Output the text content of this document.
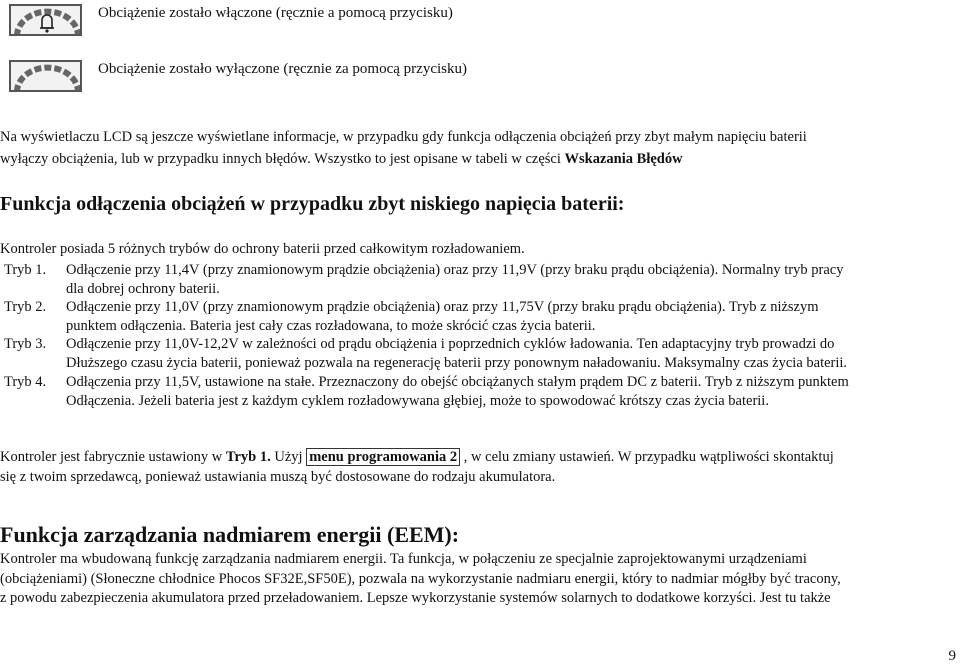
Obciążenie zostało włączone (ręcznie a pomocą przycisku)
Obciążenie zostało wyłączone (ręcznie za pomocą przycisku)
Na wyświetlaczu LCD są jeszcze wyświetlane informacje, w przypadku gdy funkcja odłączenia obciążeń przy zbyt małym napięciu baterii
wyłączy obciążenia, lub w przypadku innych błędów. Wszystko to jest opisane w tabeli w części Wskazania Błędów
Funkcja odłączenia obciążeń w przypadku zbyt niskiego napięcia baterii:
Kontroler posiada 5 różnych trybów do ochrony baterii przed całkowitym rozładowaniem.
Tryb 1. Odłączenie przy 11,4V (przy znamionowym prądzie obciążenia) oraz przy 11,9V (przy braku prądu obciążenia). Normalny tryb pracy
dla dobrej ochrony baterii.
Tryb 2. Odłączenie przy 11,0V (przy znamionowym prądzie obciążenia) oraz przy 11,75V (przy braku prądu obciążenia). Tryb z niższym
punktem odłączenia. Bateria jest cały czas rozładowana, to może skrócić czas życia baterii.
Tryb 3. Odłączenie przy 11,0V-12,2V w zależności od prądu obciążenia i poprzednich cyklów ładowania. Ten adaptacyjny tryb prowadzi do
Dłuższego czasu życia baterii, ponieważ pozwala na regenerację baterii przy ponownym naładowaniu. Maksymalny czas życia baterii.
Tryb 4. Odłączenia przy 11,5V, ustawione na stałe. Przeznaczony do obejść obciążanych stałym prądem DC z baterii. Tryb z niższym punktem
Odłączenia. Jeżeli bateria jest z każdym cyklem rozładowywana głębiej, może to spowodować krótszy czas życia baterii.
Kontroler jest fabrycznie ustawiony w Tryb 1. Użyj menu programowania 2 , w celu zmiany ustawień. W przypadku wątpliwości skontaktuj
się z twoim sprzedawcą, ponieważ ustawiania muszą być dostosowane do rodzaju akumulatora.
Funkcja zarządzania nadmiarem energii (EEM):
Kontroler ma wbudowaną funkcję zarządzania nadmiarem energii. Ta funkcja, w połączeniu ze specjalnie zaprojektowanymi urządzeniami
(obciążeniami) (Słoneczne chłodnice Phocos SF32E,SF50E), pozwala na wykorzystanie nadmiaru energii, który to nadmiar mógłby być tracony,
z powodu zabezpieczenia akumulatora przed przeładowaniem. Lepsze wykorzystanie systemów solarnych to dodatkowe korzyści. Jest tu także
9
